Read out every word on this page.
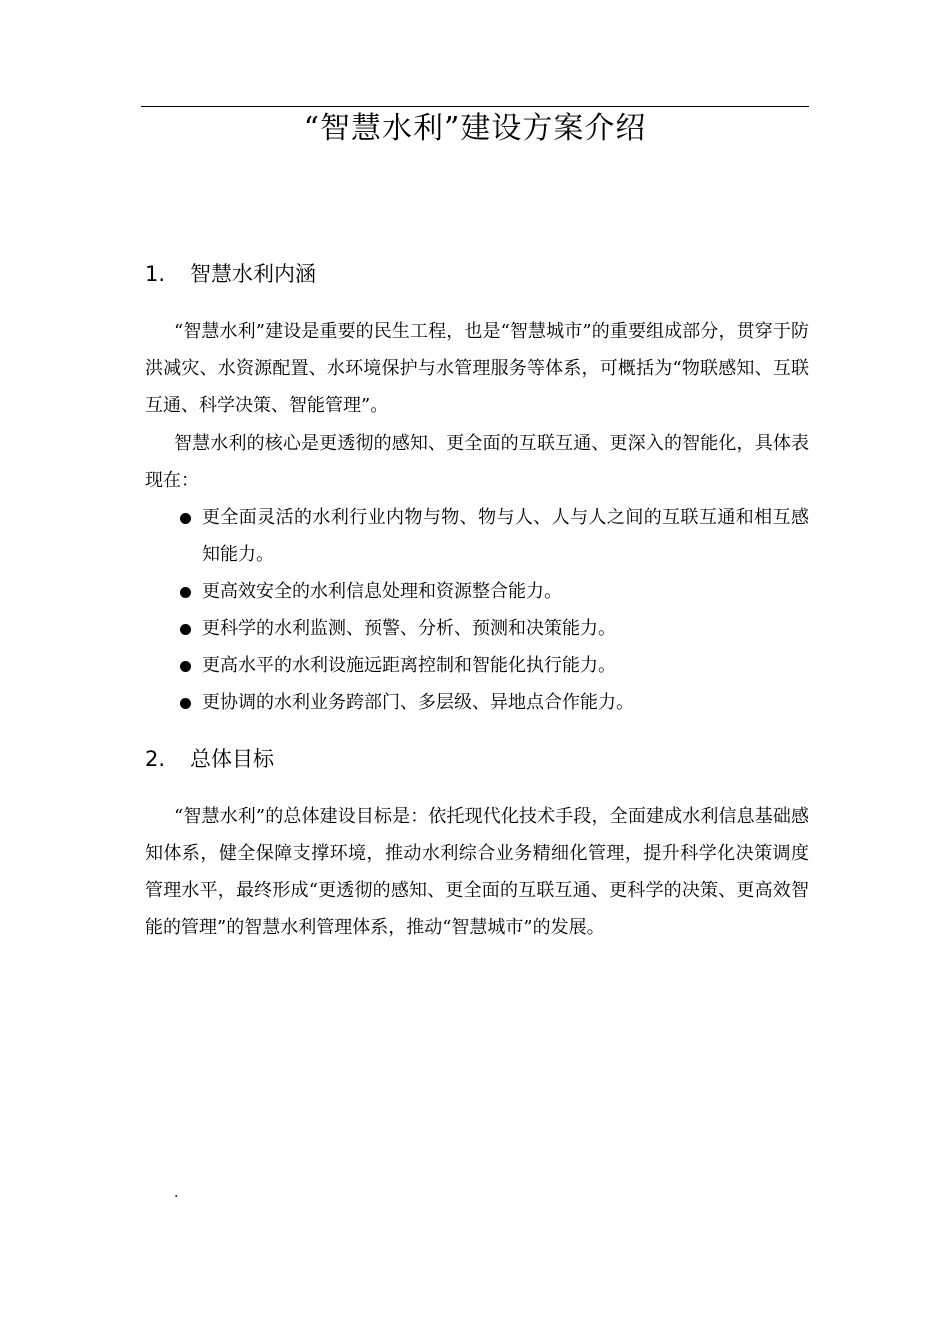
“智慧水利”建设方案介绍
1. 智慧水利内涵

“智慧水利”建设是重要的民生工程，也是“智慧城市”的重要组成部分，贯穿于防洪减灾、水资源配置、水环境保护与水管理服务等体系，可概括为“物联感知、互联互通、科学决策、智能管理”。

智慧水利的核心是更透彻的感知、更全面的互联互通、更深入的智能化，具体表现在：

更全面灵活的水利行业内物与物、物与人、人与人之间的互联互通和相互感知能力。
更高效安全的水利信息处理和资源整合能力。
更科学的水利监测、预警、分析、预测和决策能力。
更高水平的水利设施远距离控制和智能化执行能力。
更协调的水利业务跨部门、多层级、异地点合作能力。
2. 总体目标

“智慧水利”的总体建设目标是：依托现代化技术手段，全面建成水利信息基础感知体系，健全保障支撑环境，推动水利综合业务精细化管理，提升科学化决策调度管理水平，最终形成“更透彻的感知、更全面的互联互通、更科学的决策、更高效智能的管理”的智慧水利管理体系，推动“智慧城市”的发展。

.
